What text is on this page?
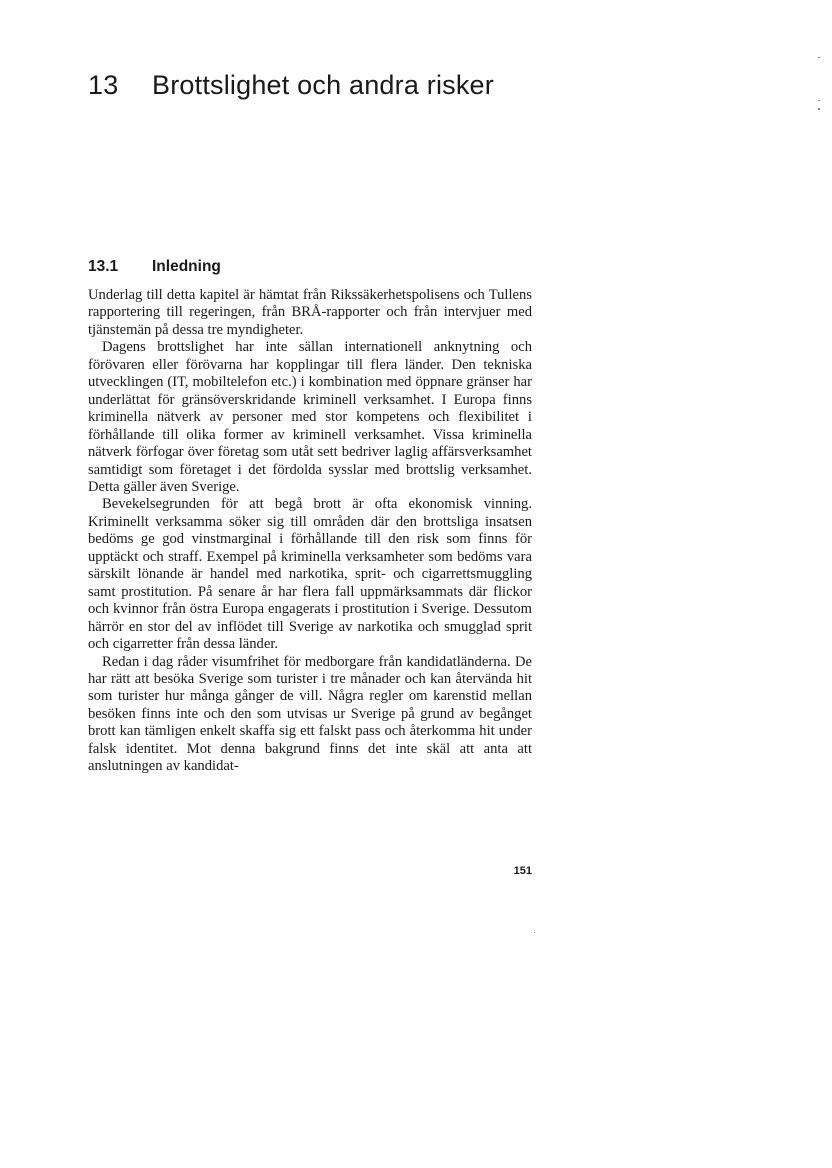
13 Brottslighet och andra risker
13.1 Inledning

Underlag till detta kapitel är hämtat från Rikssäkerhetspolisens och Tullens rapportering till regeringen, från BRÅ-rapporter och från intervjuer med tjänstemän på dessa tre myndigheter.

Dagens brottslighet har inte sällan internationell anknytning och förövaren eller förövarna har kopplingar till flera länder. Den tekniska utvecklingen (IT, mobiltelefon etc.) i kombination med öppnare gränser har underlättat för gränsöverskridande kriminell verksamhet. I Europa finns kriminella nätverk av personer med stor kompetens och flexibilitet i förhållande till olika former av kriminell verksamhet. Vissa kriminella nätverk förfogar över företag som utåt sett bedriver laglig affärsverksamhet samtidigt som företaget i det fördolda sysslar med brottslig verksamhet. Detta gäller även Sverige.

Bevekelsegrunden för att begå brott är ofta ekonomisk vinning. Kriminellt verksamma söker sig till områden där den brottsliga insatsen bedöms ge god vinstmarginal i förhållande till den risk som finns för upptäckt och straff. Exempel på kriminella verksamheter som bedöms vara särskilt lönande är handel med narkotika, sprit- och cigarrettsmuggling samt prostitution. På senare år har flera fall uppmärksammats där flickor och kvinnor från östra Europa engagerats i prostitution i Sverige. Dessutom härrör en stor del av inflödet till Sverige av narkotika och smugglad sprit och cigarretter från dessa länder.

Redan i dag råder visumfrihet för medborgare från kandidatländerna. De har rätt att besöka Sverige som turister i tre månader och kan återvända hit som turister hur många gånger de vill. Några regler om karenstid mellan besöken finns inte och den som utvisas ur Sverige på grund av begånget brott kan tämligen enkelt skaffa sig ett falskt pass och återkomma hit under falsk identitet. Mot denna bakgrund finns det inte skäl att anta att anslutningen av kandidat-

151
